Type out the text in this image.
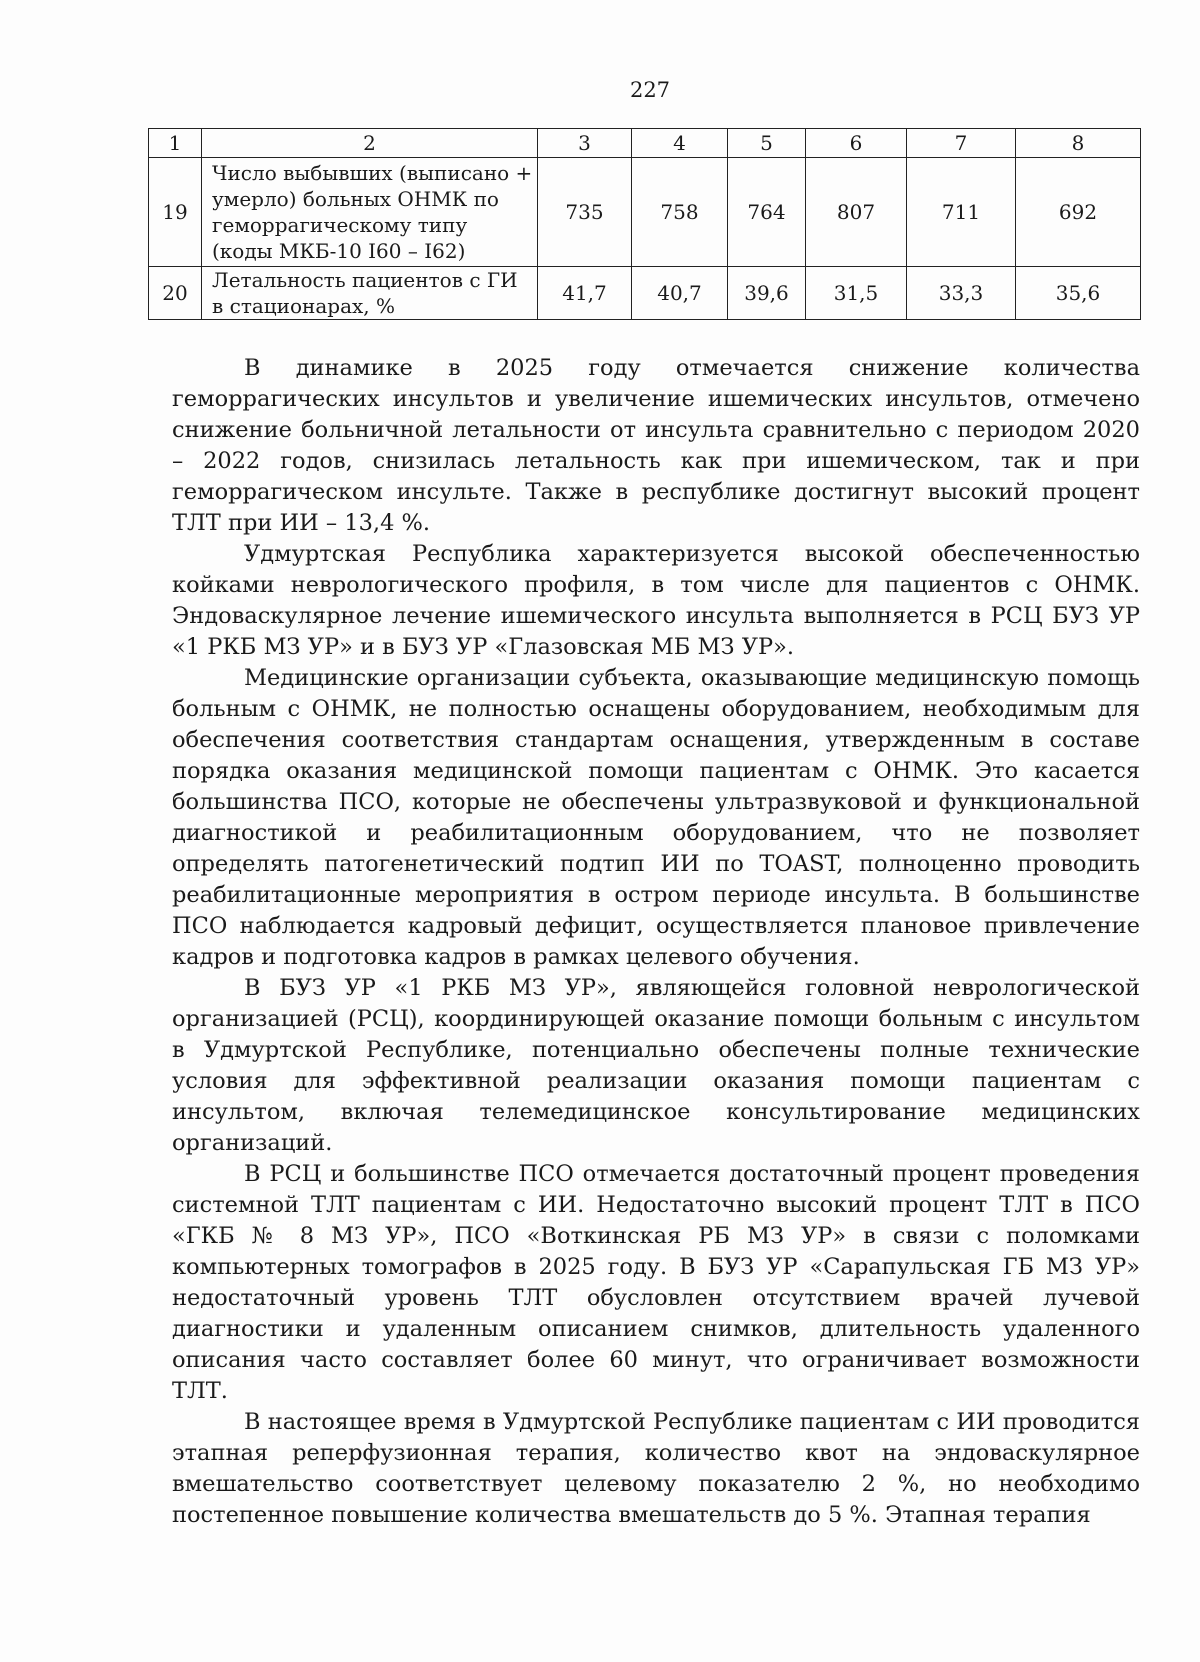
227
1	2	3	4	5	6	7	8
19	Число выбывших (выписано + умерло) больных ОНМК по геморрагическому типу (коды МКБ-10 I60 – I62)	735	758	764	807	711	692
20	Летальность пациентов с ГИ в стационарах, %	41,7	40,7	39,6	31,5	33,3	35,6

В динамике в 2025 году отмечается снижение количества геморрагических инсультов и увеличение ишемических инсультов, отмечено снижение больничной летальности от инсульта сравнительно с периодом 2020 – 2022 годов, снизилась летальность как при ишемическом, так и при геморрагическом инсульте. Также в республике достигнут высокий процент ТЛТ при ИИ – 13,4 %.

Удмуртская Республика характеризуется высокой обеспеченностью койками неврологического профиля, в том числе для пациентов с ОНМК. Эндоваскулярное лечение ишемического инсульта выполняется в РСЦ БУЗ УР «1 РКБ МЗ УР» и в БУЗ УР «Глазовская МБ МЗ УР».

Медицинские организации субъекта, оказывающие медицинскую помощь больным с ОНМК, не полностью оснащены оборудованием, необходимым для обеспечения соответствия стандартам оснащения, утвержденным в составе порядка оказания медицинской помощи пациентам с ОНМК. Это касается большинства ПСО, которые не обеспечены ультразвуковой и функциональной диагностикой и реабилитационным оборудованием, что не позволяет определять патогенетический подтип ИИ по TOAST, полноценно проводить реабилитационные мероприятия в остром периоде инсульта. В большинстве ПСО наблюдается кадровый дефицит, осуществляется плановое привлечение кадров и подготовка кадров в рамках целевого обучения.

В БУЗ УР «1 РКБ МЗ УР», являющейся головной неврологической организацией (РСЦ), координирующей оказание помощи больным с инсультом в Удмуртской Республике, потенциально обеспечены полные технические условия для эффективной реализации оказания помощи пациентам с инсультом, включая телемедицинское консультирование медицинских организаций.

В РСЦ и большинстве ПСО отмечается достаточный процент проведения системной ТЛТ пациентам с ИИ. Недостаточно высокий процент ТЛТ в ПСО «ГКБ № 8 МЗ УР», ПСО «Воткинская РБ МЗ УР» в связи с поломками компьютерных томографов в 2025 году. В БУЗ УР «Сарапульская ГБ МЗ УР» недостаточный уровень ТЛТ обусловлен отсутствием врачей лучевой диагностики и удаленным описанием снимков, длительность удаленного описания часто составляет более 60 минут, что ограничивает возможности ТЛТ.

В настоящее время в Удмуртской Республике пациентам с ИИ проводится этапная реперфузионная терапия, количество квот на эндоваскулярное вмешательство соответствует целевому показателю 2 %, но необходимо постепенное повышение количества вмешательств до 5 %. Этапная терапия
